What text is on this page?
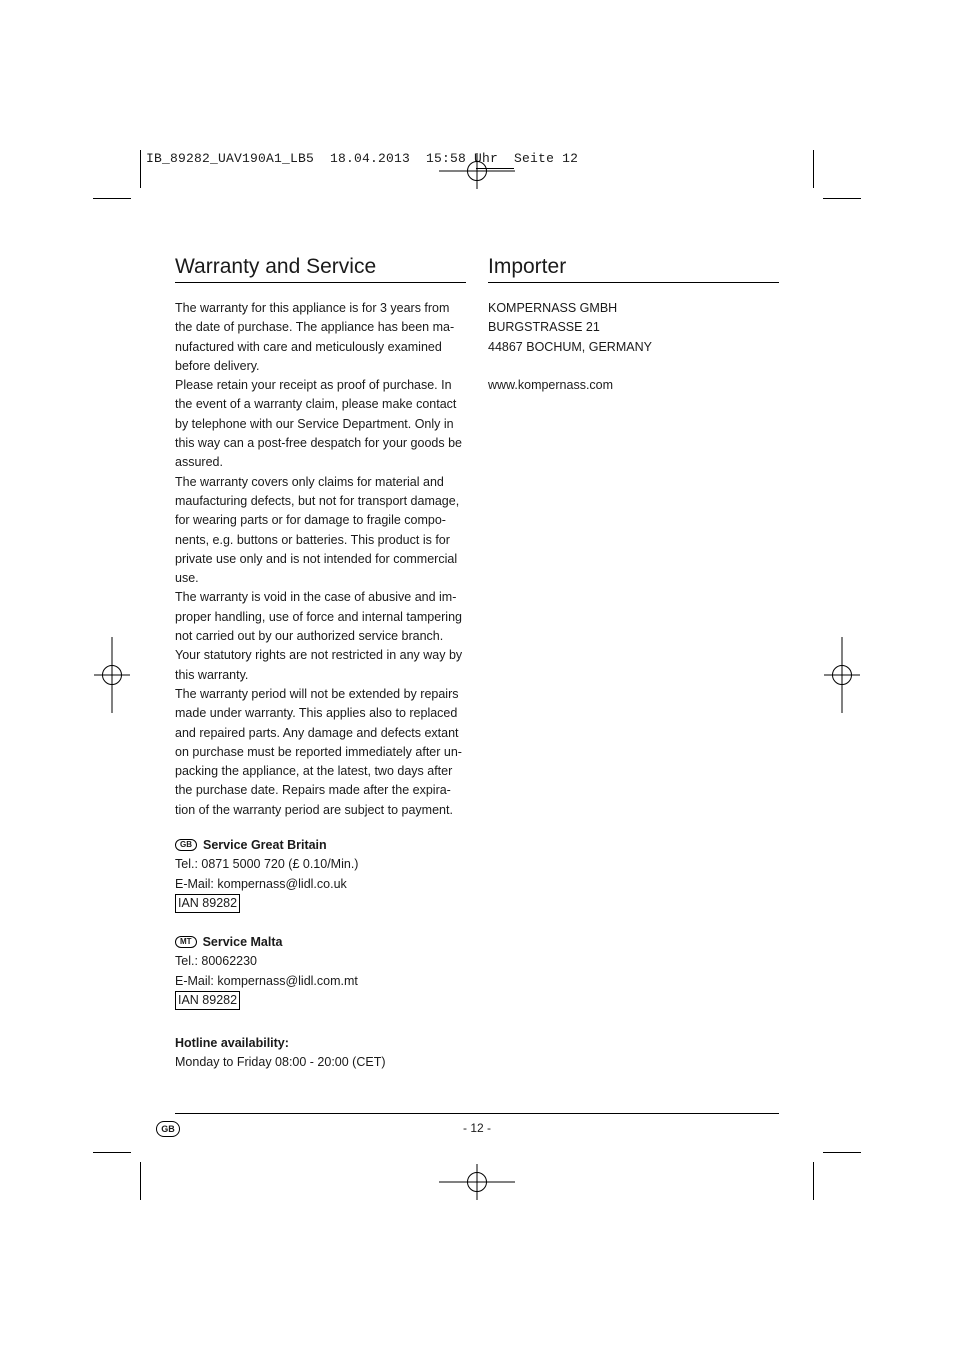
IB_89282_UAV190A1_LB5  18.04.2013  15:58 Uhr  Seite 12
Warranty and Service

The warranty for this appliance is for 3 years from the date of purchase. The appliance has been ma-nufactured with care and meticulously examined before delivery.

Please retain your receipt as proof of purchase. In the event of a warranty claim, please make contact by telephone with our Service Department. Only in this way can a post-free despatch for your goods be assured.

The warranty covers only claims for material and maufacturing defects, but not for transport damage, for wearing parts or for damage to fragile compo-nents, e.g. buttons or batteries. This product is for private use only and is not intended for commercial use.

The warranty is void in the case of abusive and im-proper handling, use of force and internal tampering not carried out by our authorized service branch. Your statutory rights are not restricted in any way by this warranty.

The warranty period will not be extended by repairs made under warranty. This applies also to replaced and repaired parts. Any damage and defects extant on purchase must be reported immediately after un-packing the appliance, at the latest, two days after the purchase date. Repairs made after the expira-tion of the warranty period are subject to payment.

GB Service Great Britain

Tel.: 0871 5000 720 (£ 0.10/Min.)

E-Mail: kompernass@lidl.co.uk

IAN 89282

MT Service Malta

Tel.: 80062230

E-Mail: kompernass@lidl.com.mt

IAN 89282

Hotline availability:

Monday to Friday 08:00 - 20:00 (CET)

Importer

KOMPERNASS GMBH

BURGSTRASSE 21

44867 BOCHUM, GERMANY

www.kompernass.com

GB	- 12 -
